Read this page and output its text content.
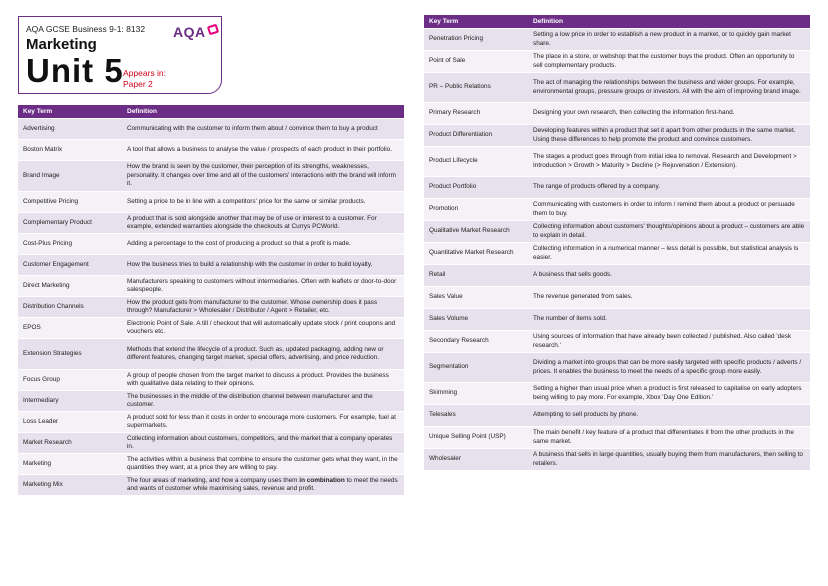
AQA GCSE Business 9-1: 8132 AQA
Marketing
Unit 5 Appears in:
Paper 2
Key Term	Definition
Advertising	Communicating with the customer to inform them about / convince them to buy a product
Boston Matrix	A tool that allows a business to analyse the value / prospects of each product in their portfolio.
Brand Image	How the brand is seen by the customer, their perception of its strengths, weaknesses, personality. It changes over time and all of the customers' interactions with the brand will inform it.
Competitive Pricing	Setting a price to be in line with a competitors' price for the same or similar products.
Complementary Product	A product that is sold alongside another that may be of use or interest to a customer. For example, extended warranties alongside the checkouts at Currys PCWorld.
Cost-Plus Pricing	Adding a percentage to the cost of producing a product so that a profit is made.
Customer Engagement	How the business tries to build a relationship with the customer in order to build loyalty.
Direct Marketing	Manufacturers speaking to customers without intermediaries. Often with leaflets or door-to-door salespeople.
Distribution Channels	How the product gets from manufacturer to the customer. Whose ownership does it pass through? Manufacturer > Wholesaler / Distributor / Agent > Retailer, etc.
EPOS	Electronic Point of Sale. A till / checkout that will automatically update stock / print coupons and vouchers etc.
Extension Strategies	Methods that extend the lifecycle of a product. Such as, updated packaging, adding new or different features, changing target market, special offers, advertising, and price reduction.
Focus Group	A group of people chosen from the target market to discuss a product. Provides the business with qualitative data relating to their opinions.
Intermediary	The businesses in the middle of the distribution channel between manufacturer and the customer.
Loss Leader	A product sold for less than it costs in order to encourage more customers. For example, fuel at supermarkets.
Market Research	Collecting information about customers, competitors, and the market that a company operates in.
Marketing	The activities within a business that combine to ensure the customer gets what they want, in the quantities they want, at a price they are willing to pay.
Marketing Mix	The four areas of marketing, and how a company uses them in combination to meet the needs and wants of customer while maximising sales, revenue and profit.
Key Term	Definition
Penetration Pricing	Setting a low price in order to establish a new product in a market, or to quickly gain market share.
Point of Sale	The place in a store, or webshop that the customer buys the product. Often an opportunity to sell complementary products.
PR – Public Relations	The act of managing the relationships between the business and wider groups. For example, environmental groups, pressure groups or investors. All with the aim of improving brand image.
Primary Research	Designing your own research, then collecting the information first-hand.
Product Differentiation	Developing features within a product that set it apart from other products in the same market. Using these differences to help promote the product and convince customers.
Product Lifecycle	The stages a product goes through from initial idea to removal. Research and Development > Introduction > Growth > Maturity > Decline (> Rejuvenation / Extension).
Product Portfolio	The range of products offered by a company.
Promotion	Communicating with customers in order to inform / remind them about a product or persuade them to buy.
Qualitative Market Research	Collecting information about customers' thoughts/opinions about a product – customers are able to explain in detail.
Quantitative Market Research	Collecting information in a numerical manner – less detail is possible, but statistical analysis is easier.
Retail	A business that sells goods.
Sales Value	The revenue generated from sales.
Sales Volume	The number of items sold.
Secondary Research	Using sources of information that have already been collected / published. Also called 'desk research.'
Segmentation	Dividing a market into groups that can be more easily targeted with specific products / adverts / prices. It enables the business to meet the needs of a specific group more easily.
Skimming	Setting a higher than usual price when a product is first released to capitalise on early adopters being willing to pay more. For example, Xbox 'Day One Edition.'
Telesales	Attempting to sell products by phone.
Unique Selling Point (USP)	The main benefit / key feature of a product that differentiates it from the other products in the same market.
Wholesaler	A business that sells in large quantities, usually buying them from manufacturers, then selling to retailers.
